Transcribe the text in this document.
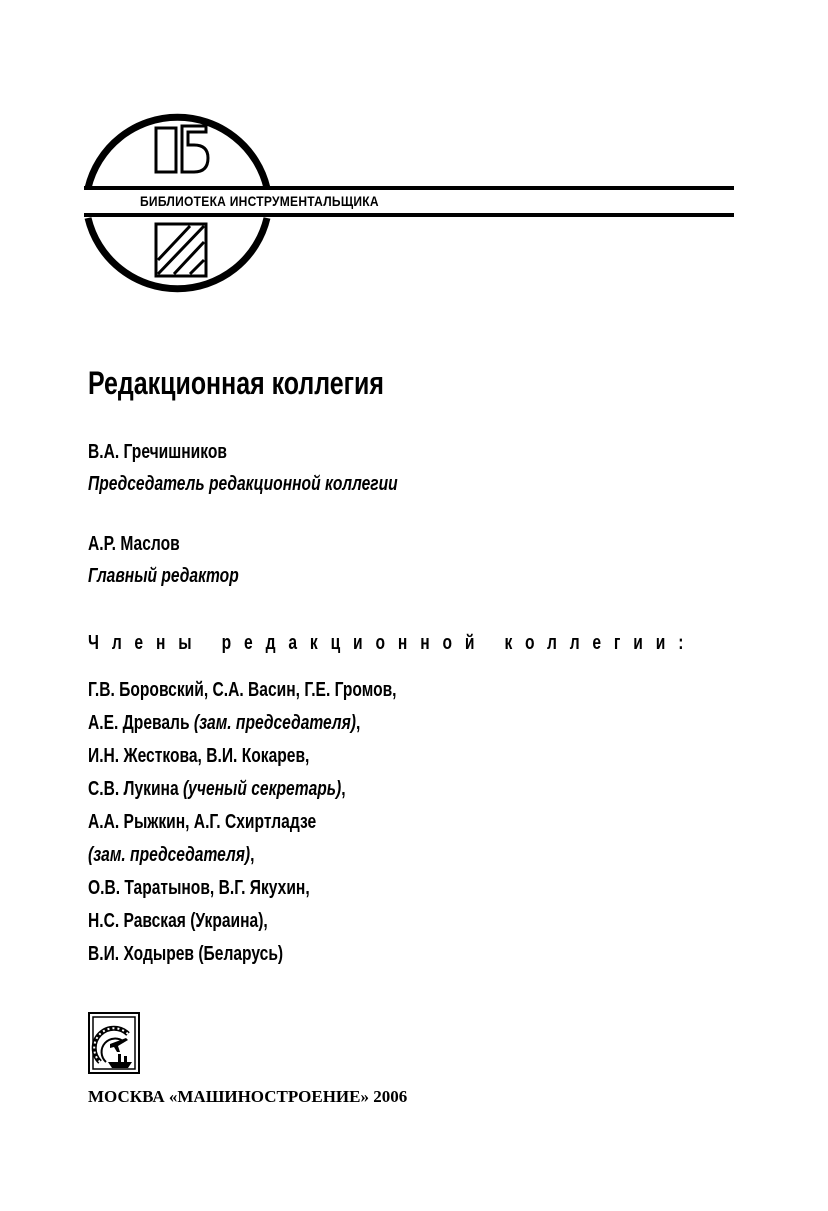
БИБЛИОТЕКА ИНСТРУМЕНТАЛЬЩИКА
Редакционная коллегия
В.А. Гречишников
Председатель редакционной коллегии
А.Р. Маслов
Главный редактор
Члены редакционной коллегии:
Г.В. Боровский, С.А. Васин, Г.Е. Громов,
А.Е. Древаль (зам. председателя),
И.Н. Жесткова, В.И. Кокарев,
С.В. Лукина (ученый секретарь),
А.А. Рыжкин, А.Г. Схиртладзе
(зам. председателя),
О.В. Таратынов, В.Г. Якухин,
Н.С. Равская (Украина),
В.И. Ходырев (Беларусь)
МОСКВА «МАШИНОСТРОЕНИЕ» 2006
